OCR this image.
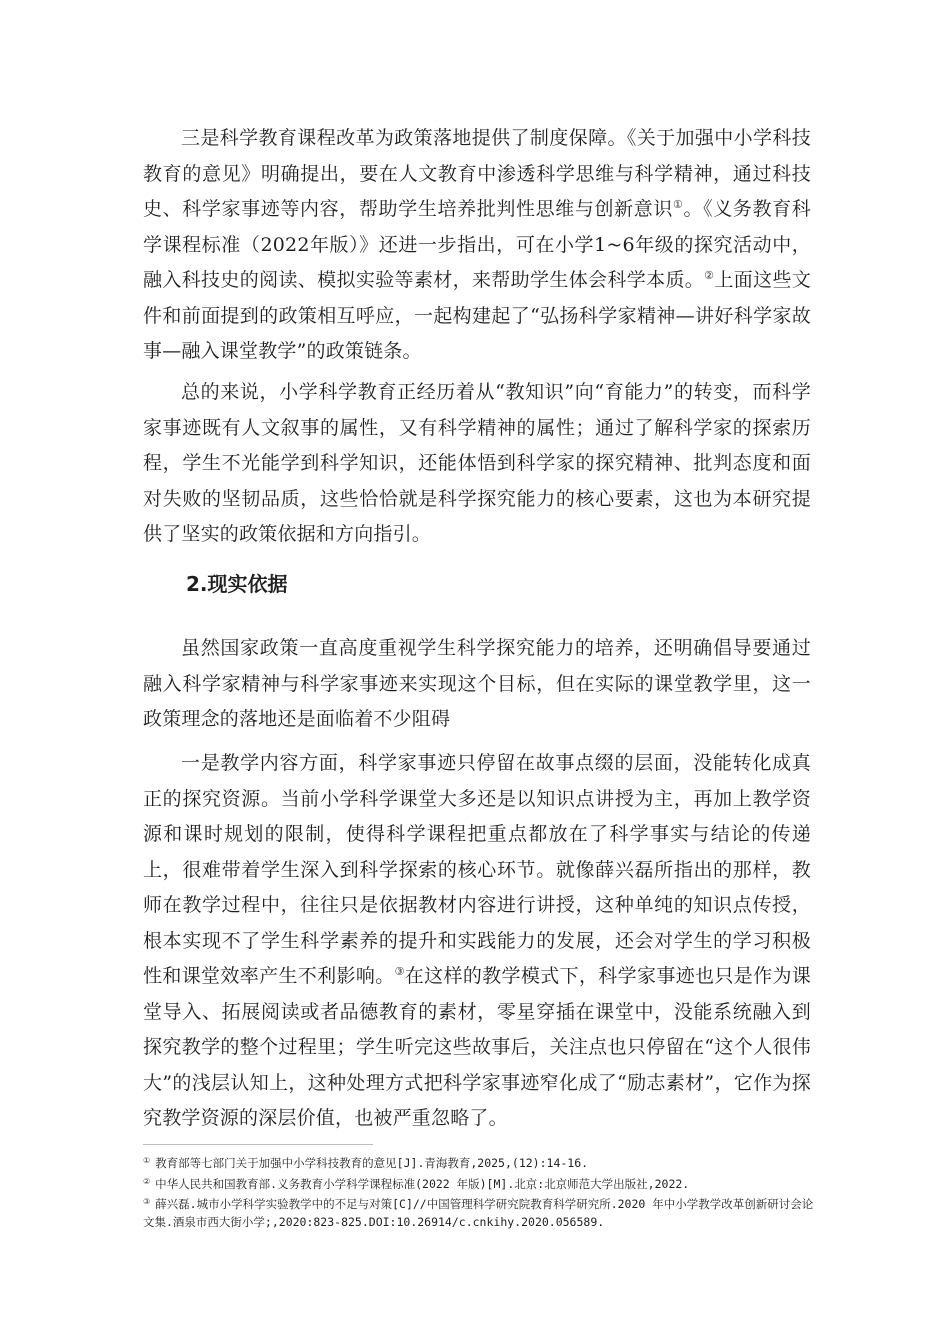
三是科学教育课程改革为政策落地提供了制度保障。《关于加强中小学科技教育的意见》明确提出，要在人文教育中渗透科学思维与科学精神，通过科技史、科学家事迹等内容，帮助学生培养批判性思维与创新意识①。《义务教育科学课程标准（2022年版）》还进一步指出，可在小学1~6年级的探究活动中，融入科技史的阅读、模拟实验等素材，来帮助学生体会科学本质。②上面这些文件和前面提到的政策相互呼应，一起构建起了“弘扬科学家精神—讲好科学家故事—融入课堂教学”的政策链条。

总的来说，小学科学教育正经历着从“教知识”向“育能力”的转变，而科学家事迹既有人文叙事的属性，又有科学精神的属性；通过了解科学家的探索历程，学生不光能学到科学知识，还能体悟到科学家的探究精神、批判态度和面对失败的坚韧品质，这些恰恰就是科学探究能力的核心要素，这也为本研究提供了坚实的政策依据和方向指引。

2.现实依据

虽然国家政策一直高度重视学生科学探究能力的培养，还明确倡导要通过融入科学家精神与科学家事迹来实现这个目标，但在实际的课堂教学里，这一政策理念的落地还是面临着不少阻碍

一是教学内容方面，科学家事迹只停留在故事点缀的层面，没能转化成真正的探究资源。当前小学科学课堂大多还是以知识点讲授为主，再加上教学资源和课时规划的限制，使得科学课程把重点都放在了科学事实与结论的传递上，很难带着学生深入到科学探索的核心环节。就像薛兴磊所指出的那样，教师在教学过程中，往往只是依据教材内容进行讲授，这种单纯的知识点传授，根本实现不了学生科学素养的提升和实践能力的发展，还会对学生的学习积极性和课堂效率产生不利影响。③在这样的教学模式下，科学家事迹也只是作为课堂导入、拓展阅读或者品德教育的素材，零星穿插在课堂中，没能系统融入到探究教学的整个过程里；学生听完这些故事后，关注点也只停留在“这个人很伟大”的浅层认知上，这种处理方式把科学家事迹窄化成了“励志素材”，它作为探究教学资源的深层价值，也被严重忽略了。

① 教育部等七部门关于加强中小学科技教育的意见[J].青海教育,2025,(12):14-16.

② 中华人民共和国教育部.义务教育小学科学课程标准(2022 年版)[M].北京:北京师范大学出版社,2022.

③ 薛兴磊.城市小学科学实验教学中的不足与对策[C]//中国管理科学研究院教育科学研究所.2020 年中小学教学改革创新研讨会论文集.酒泉市西大街小学;,2020:823-825.DOI:10.26914/c.cnkihy.2020.056589.
